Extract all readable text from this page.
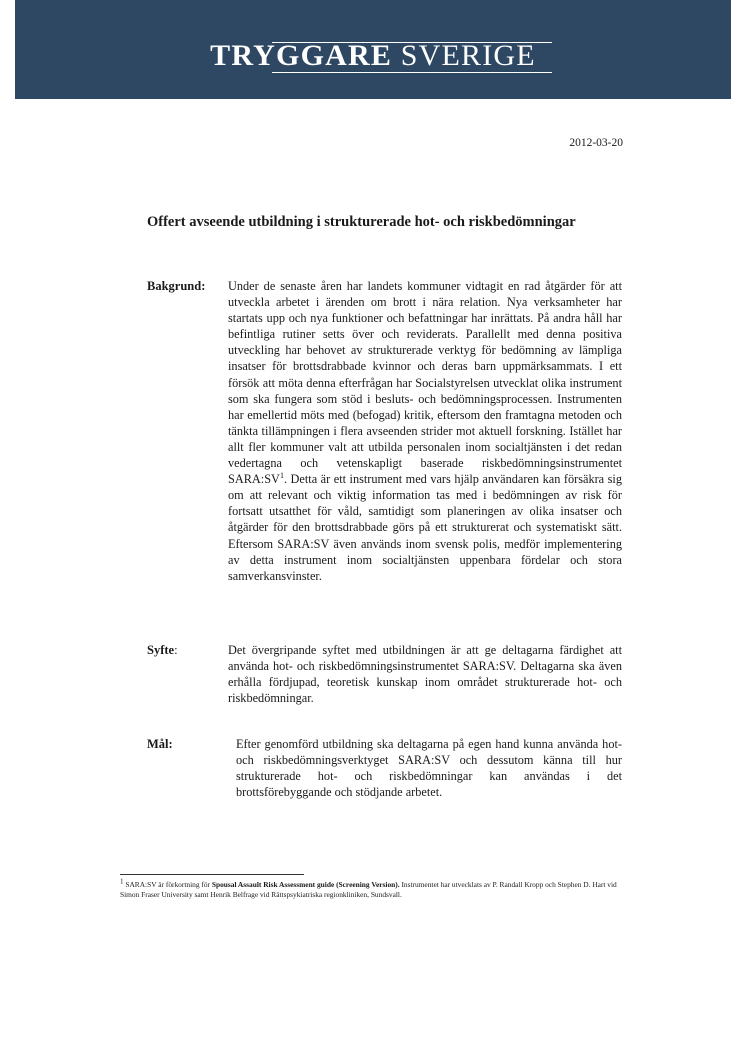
TRYGGARE SVERIGE
2012-03-20
Offert avseende utbildning i strukturerade hot- och riskbedömningar
Bakgrund: Under de senaste åren har landets kommuner vidtagit en rad åtgärder för att utveckla arbetet i ärenden om brott i nära relation. Nya verksamheter har startats upp och nya funktioner och befattningar har inrättats. På andra håll har befintliga rutiner setts över och reviderats. Parallellt med denna positiva utveckling har behovet av strukturerade verktyg för bedömning av lämpliga insatser för brottsdrabbade kvinnor och deras barn uppmärksammats. I ett försök att möta denna efterfrågan har Socialstyrelsen utvecklat olika instrument som ska fungera som stöd i besluts- och bedömningsprocessen. Instrumenten har emellertid möts med (befogad) kritik, eftersom den framtagna metoden och tänkta tillämpningen i flera avseenden strider mot aktuell forskning. Istället har allt fler kommuner valt att utbilda personalen inom socialtjänsten i det redan vedertagna och vetenskapligt baserade riskbedömningsinstrumentet $SARA:SV^1$. Detta är ett instrument med vars hjälp användaren kan försäkra sig om att relevant och viktig information tas med i bedömningen av risk för fortsatt utsatthet för våld, samtidigt som planeringen av olika insatser och åtgärder för den brottsdrabbade görs på ett strukturerat och systematiskt sätt. Eftersom SARA:SV även används inom svensk polis, medför implementering av detta instrument inom socialtjänsten uppenbara fördelar och stora samverkansvinster.

Syfte:	Det övergripande syftet med utbildningen är att ge deltagarna färdighet att använda hot- och riskbedömningsinstrumentet SARA:SV. Deltagarna ska även erhålla fördjupad, teoretisk kunskap inom området strukturerade hot- och riskbedömningar.

Mål:	Efter genomförd utbildning ska deltagarna på egen hand kunna använda hot- och riskbedömningsverktyget SARA:SV och dessutom känna till hur strukturerade hot- och riskbedömningar kan användas i det brottsförebyggande och stödjande arbetet.

$^1$ SARA:SV är förkortning för Spousal Assault Risk Assessment guide (Screening Version). Instrumentet har utvecklats av P. Randall Kropp och Stephen D. Hart vid Simon Fraser University samt Henrik Belfrage vid Rättspsykiatriska regionkliniken, Sundsvall.
